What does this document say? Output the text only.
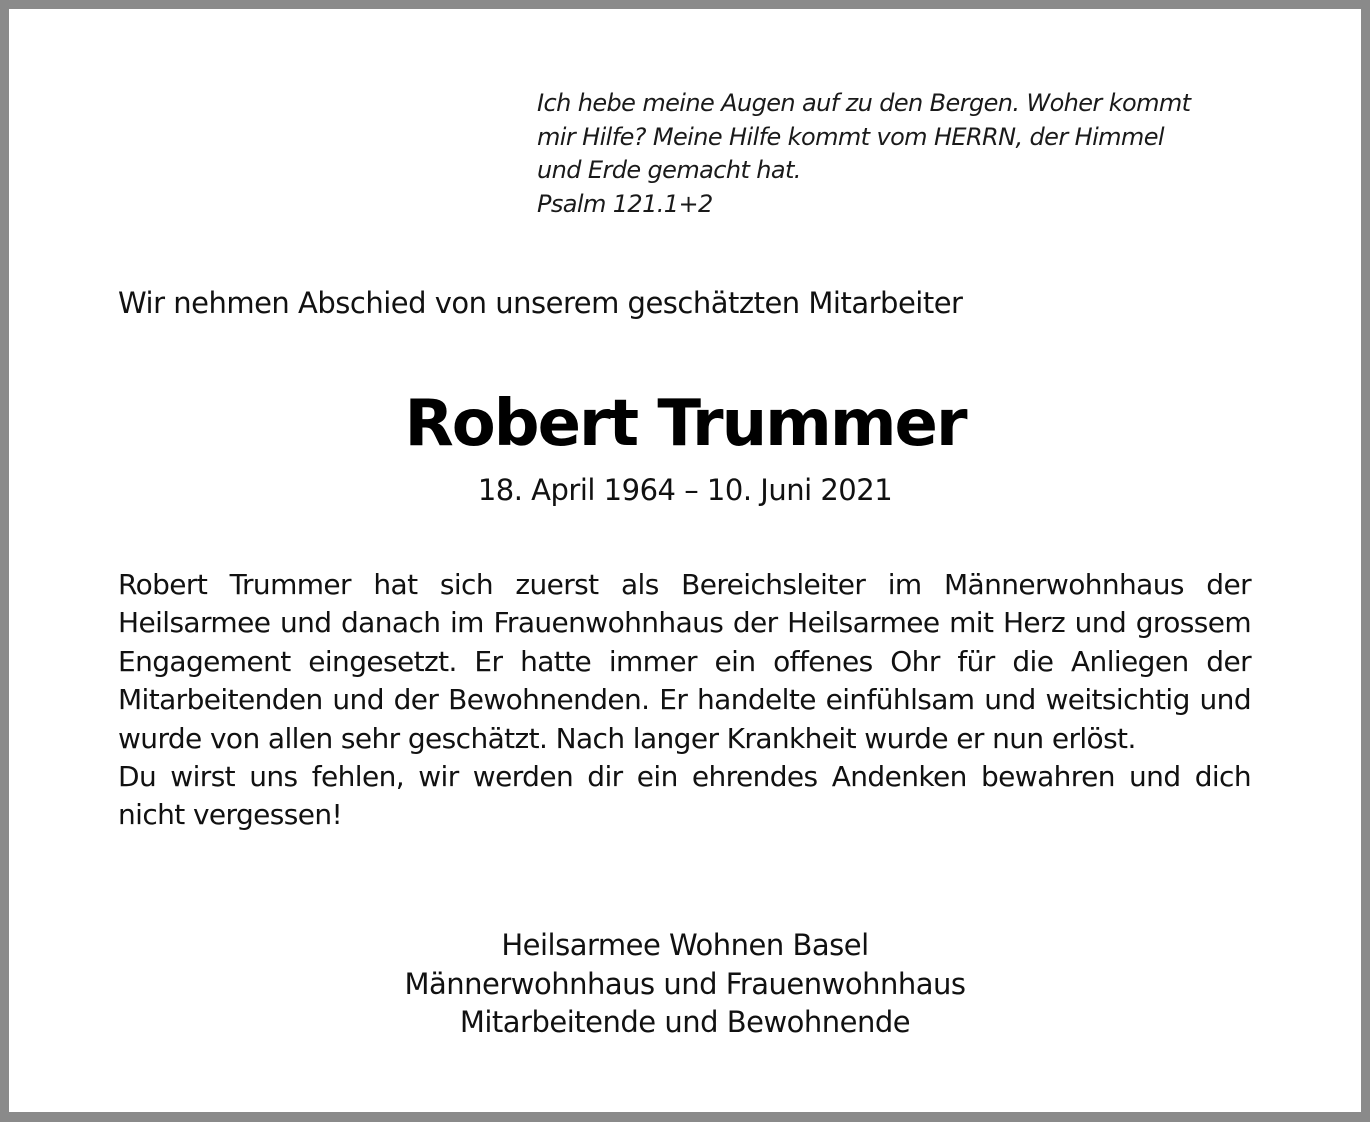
Ich hebe meine Augen auf zu den Bergen. Woher kommt
mir Hilfe? Meine Hilfe kommt vom HERRN, der Himmel
und Erde gemacht hat.
Psalm 121.1+2
Wir nehmen Abschied von unserem geschätzten Mitarbeiter
Robert Trummer
18. April 1964 – 10. Juni 2021

Robert Trummer hat sich zuerst als Bereichsleiter im Männerwohnhaus der Heilsarmee und danach im Frauenwohnhaus der Heilsarmee mit Herz und grossem Engagement eingesetzt. Er hatte immer ein offenes Ohr für die Anliegen der Mitarbeitenden und der Bewohnenden. Er handelte einfühlsam und weitsichtig und wurde von allen sehr geschätzt. Nach langer Krankheit wurde er nun erlöst.

Du wirst uns fehlen, wir werden dir ein ehrendes Andenken bewahren und dich nicht vergessen!

Heilsarmee Wohnen Basel
Männerwohnhaus und Frauenwohnhaus
Mitarbeitende und Bewohnende
